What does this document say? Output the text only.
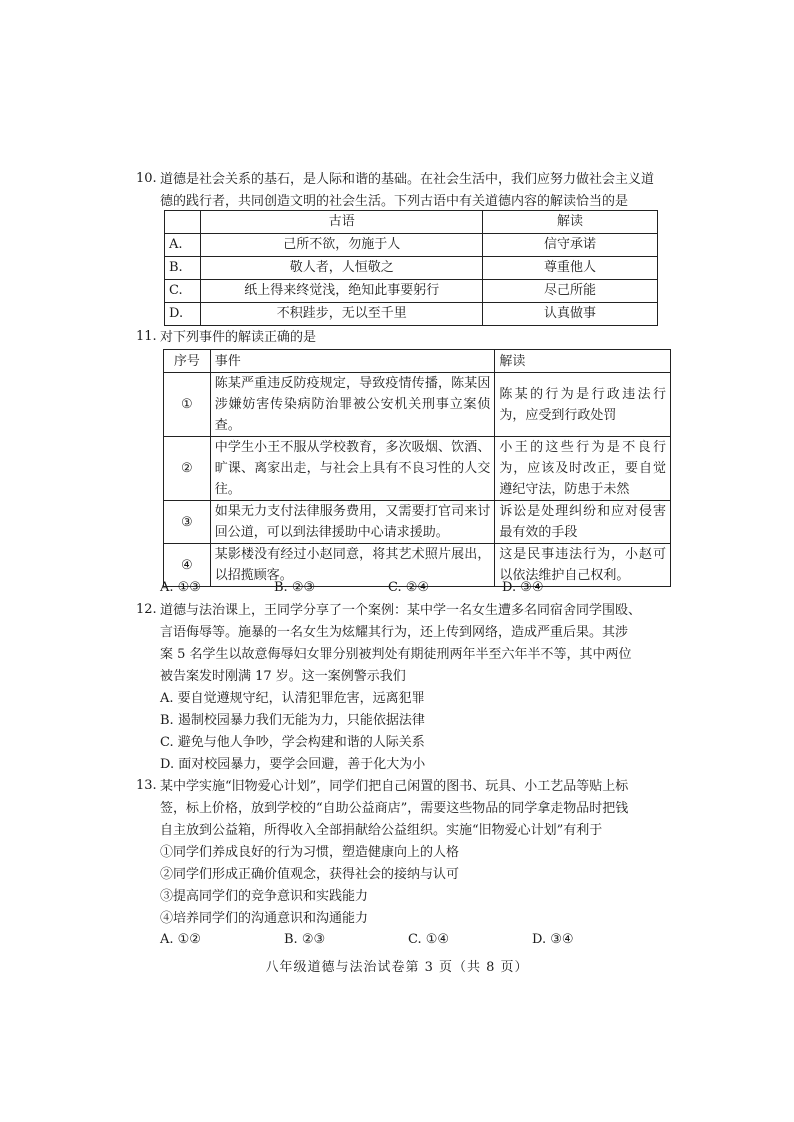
10. 道德是社会关系的基石，是人际和谐的基础。在社会生活中，我们应努力做社会主义道
德的践行者，共同创造文明的社会生活。下列古语中有关道德内容的解读恰当的是
	古语	解读
A.	己所不欲，勿施于人	信守承诺
B.	敬人者，人恒敬之	尊重他人
C.	纸上得来终觉浅，绝知此事要躬行	尽己所能
D.	不积跬步，无以至千里	认真做事
11. 对下列事件的解读正确的是
序号	事件	解读
①	陈某严重违反防疫规定，导致疫情传播，陈某因涉嫌妨害传染病防治罪被公安机关刑事立案侦查。	陈某的行为是行政违法行为，应受到行政处罚
②	中学生小王不服从学校教育，多次吸烟、饮酒、旷课、离家出走，与社会上具有不良习性的人交往。	小王的这些行为是不良行为，应该及时改正，要自觉遵纪守法，防患于未然
③	如果无力支付法律服务费用，又需要打官司来讨回公道，可以到法律援助中心请求援助。	诉讼是处理纠纷和应对侵害最有效的手段
④	某影楼没有经过小赵同意，将其艺术照片展出，以招揽顾客。	这是民事违法行为，小赵可以依法维护自己权利。
A. ①③	B. ②③	C. ②④	D. ③④
12. 道德与法治课上，王同学分享了一个案例：某中学一名女生遭多名同宿舍同学围殴、
言语侮辱等。施暴的一名女生为炫耀其行为，还上传到网络，造成严重后果。其涉
案 5 名学生以故意侮辱妇女罪分别被判处有期徒刑两年半至六年半不等，其中两位
被告案发时刚满 17 岁。这一案例警示我们
A. 要自觉遵规守纪，认清犯罪危害，远离犯罪
B. 遏制校园暴力我们无能为力，只能依据法律
C. 避免与他人争吵，学会构建和谐的人际关系
D. 面对校园暴力，要学会回避，善于化大为小
13. 某中学实施“旧物爱心计划”，同学们把自己闲置的图书、玩具、小工艺品等贴上标
签，标上价格，放到学校的“自助公益商店”，需要这些物品的同学拿走物品时把钱
自主放到公益箱，所得收入全部捐献给公益组织。实施“旧物爱心计划”有利于
①同学们养成良好的行为习惯，塑造健康向上的人格
②同学们形成正确价值观念，获得社会的接纳与认可
③提高同学们的竞争意识和实践能力
④培养同学们的沟通意识和沟通能力
A. ①②	B. ②③	C. ①④	D. ③④
八年级道德与法治试卷第 3 页（共 8 页）
